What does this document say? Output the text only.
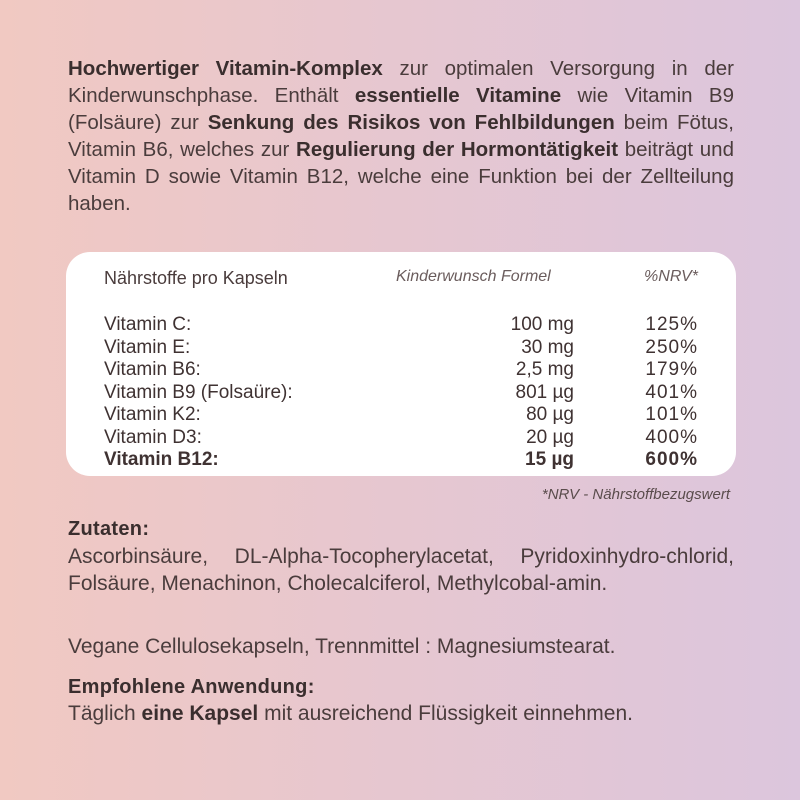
Hochwertiger Vitamin-Komplex zur optimalen Versorgung in der Kinderwunschphase. Enthält essentielle Vitamine wie Vitamin B9 (Folsäure) zur Senkung des Risikos von Fehlbildungen beim Fötus, Vitamin B6, welches zur Regulierung der Hormontätigkeit beiträgt und Vitamin D sowie Vitamin B12, welche eine Funktion bei der Zellteilung haben.
Nährstoffe pro Kapseln	Kinderwunsch Formel	%NRV*
Vitamin C:	100 mg	125%
Vitamin E:	30 mg	250%
Vitamin B6:	2,5 mg	179%
Vitamin B9 (Folsaüre):	801 µg	401%
Vitamin K2:	80 µg	101%
Vitamin D3:	20 µg	400%
Vitamin B12:	15 µg	600%
*NRV - Nährstoffbezugswert
Zutaten:
Ascorbinsäure, DL-Alpha-Tocopherylacetat, Pyridoxinhydro-chlorid, Folsäure, Menachinon, Cholecalciferol, Methylcobal-amin.
Vegane Cellulosekapseln, Trennmittel : Magnesiumstearat.
Empfohlene Anwendung:
Täglich eine Kapsel mit ausreichend Flüssigkeit einnehmen.
